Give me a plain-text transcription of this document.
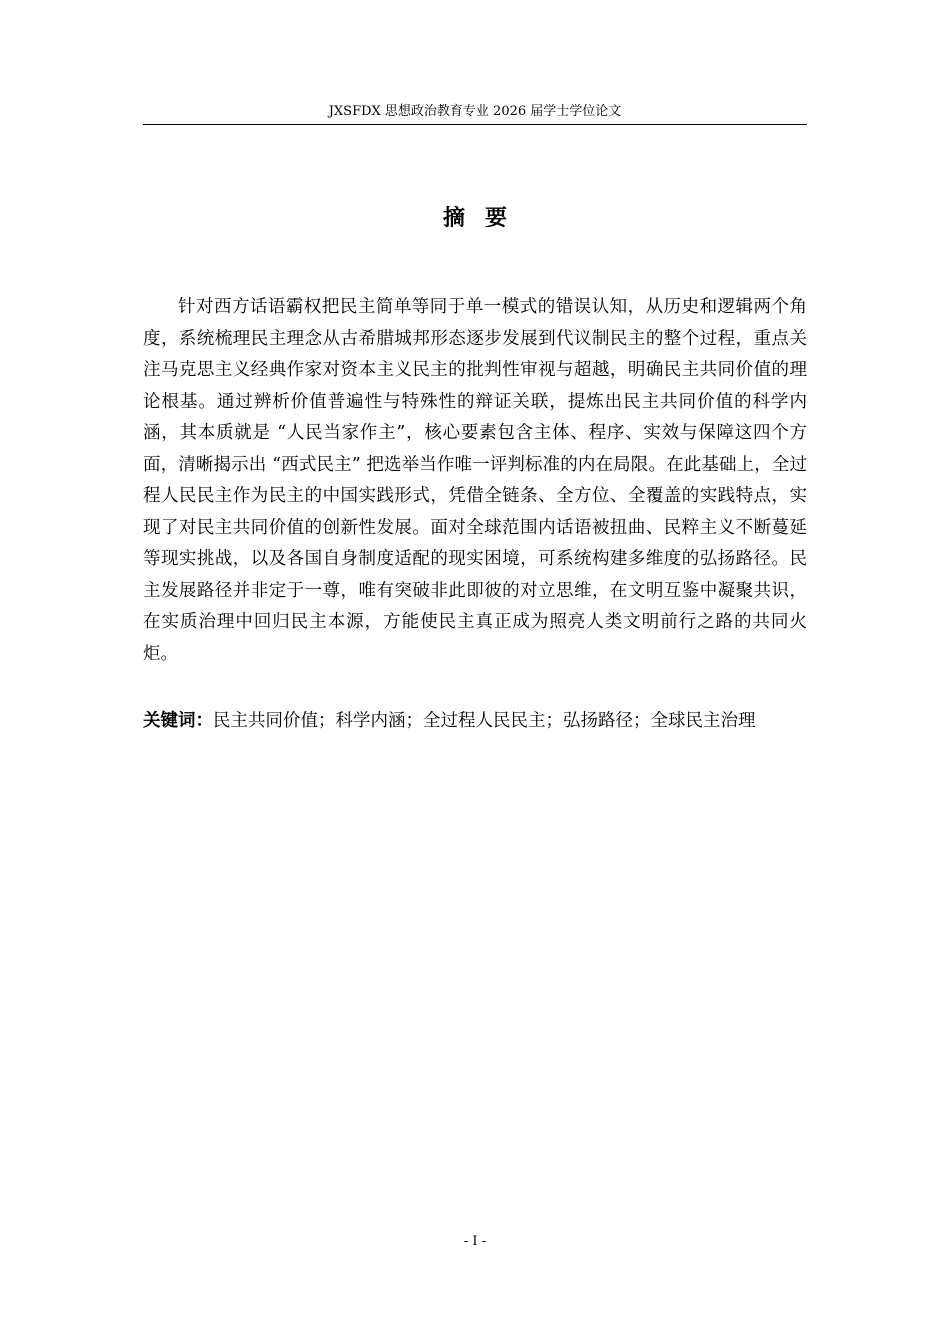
JXSFDX 思想政治教育专业 2026 届学士学位论文
摘要

针对西方话语霸权把民主简单等同于单一模式的错误认知，从历史和逻辑两个角度，系统梳理民主理念从古希腊城邦形态逐步发展到代议制民主的整个过程，重点关注马克思主义经典作家对资本主义民主的批判性审视与超越，明确民主共同价值的理论根基。通过辨析价值普遍性与特殊性的辩证关联，提炼出民主共同价值的科学内涵，其本质就是 “人民当家作主”，核心要素包含主体、程序、实效与保障这四个方面，清晰揭示出 “西式民主” 把选举当作唯一评判标准的内在局限。在此基础上，全过程人民民主作为民主的中国实践形式，凭借全链条、全方位、全覆盖的实践特点，实现了对民主共同价值的创新性发展。面对全球范围内话语被扭曲、民粹主义不断蔓延等现实挑战，以及各国自身制度适配的现实困境，可系统构建多维度的弘扬路径。民主发展路径并非定于一尊，唯有突破非此即彼的对立思维，在文明互鉴中凝聚共识，在实质治理中回归民主本源，方能使民主真正成为照亮人类文明前行之路的共同火炬。

关键词：民主共同价值；科学内涵；全过程人民民主；弘扬路径；全球民主治理

- I -
